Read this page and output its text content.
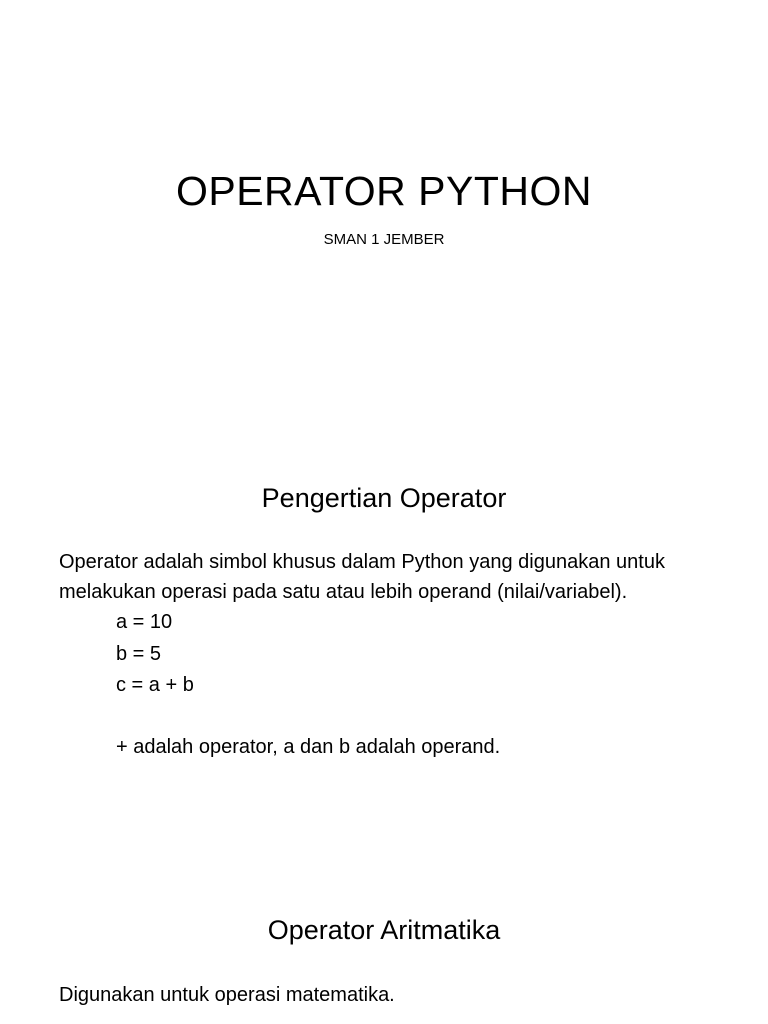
OPERATOR PYTHON
SMAN 1 JEMBER
Pengertian Operator

Operator adalah simbol khusus dalam Python yang digunakan untuk melakukan operasi pada satu atau lebih operand (nilai/variabel).

a = 10

b = 5

c = a + b

+ adalah operator, a dan b adalah operand.

Operator Aritmatika

Digunakan untuk operasi matematika.
